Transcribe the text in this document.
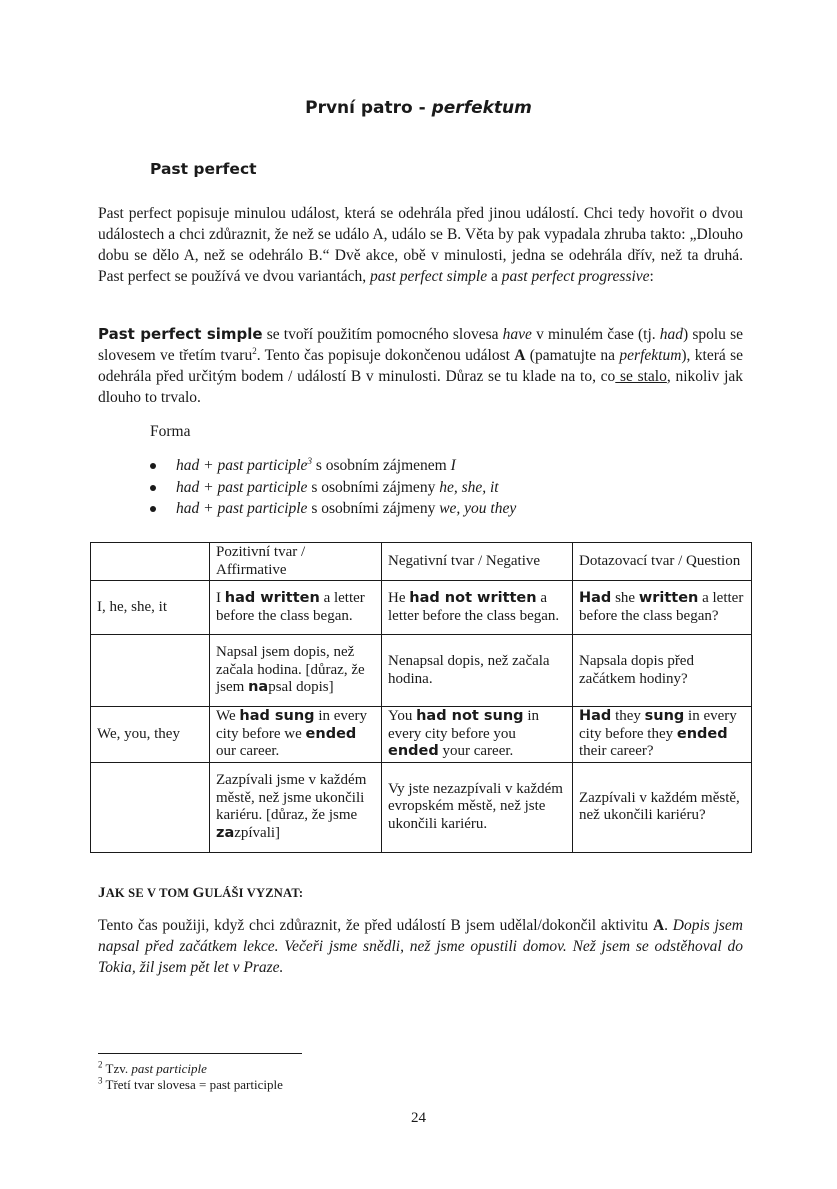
První patro - perfektum
Past perfect
Past perfect popisuje minulou událost, která se odehrála před jinou událostí. Chci tedy hovořit o dvou událostech a chci zdůraznit, že než se událo A, událo se B. Věta by pak vypadala zhruba takto: „Dlouho dobu se dělo A, než se odehrálo B.“ Dvě akce, obě v minulosti, jedna se odehrála dřív, než ta druhá. Past perfect se používá ve dvou variantách, past perfect simple a past perfect progressive:
Past perfect simple se tvoří použitím pomocného slovesa have v minulém čase (tj. had) spolu se slovesem ve třetím tvaru$^2$. Tento čas popisuje dokončenou událost A (pamatujte na perfektum), která se odehrála před určitým bodem / událostí B v minulosti. Důraz se tu klade na to, co se stalo, nikoliv jak dlouho to trvalo.
Forma
had + past participle$^3$ s osobním zájmenem I
had + past participle s osobními zájmeny he, she, it
had + past participle s osobními zájmeny we, you they
	Pozitivní tvar / Affirmative	Negativní tvar / Negative	Dotazovací tvar / Question
I, he, she, it	I had written a letter before the class began.	He had not written a letter before the class began.	Had she written a letter before the class began?
	Napsal jsem dopis, než začala hodina. [důraz, že jsem napsal dopis]	Nenapsal dopis, než začala hodina.	Napsala dopis před začátkem hodiny?
We, you, they	We had sung in every city before we ended our career.	You had not sung in every city before you ended your career.	Had they sung in every city before they ended their career?
	Zazpívali jsme v každém městě, než jsme ukončili kariéru. [důraz, že jsme zazpívali]	Vy jste nezazpívali v každém evropském městě, než jste ukončili kariéru.	Zazpívali v každém městě, než ukončili kariéru?
JAK SE V TOM GULÁŠI VYZNAT:
Tento čas použiji, když chci zdůraznit, že před událostí B jsem udělal/dokončil aktivitu A. Dopis jsem napsal před začátkem lekce. Večeři jsme snědli, než jsme opustili domov. Než jsem se odstěhoval do Tokia, žil jsem pět let v Praze.
$^2$ Tzv. past participle
$^3$ Třetí tvar slovesa = past participle
24
